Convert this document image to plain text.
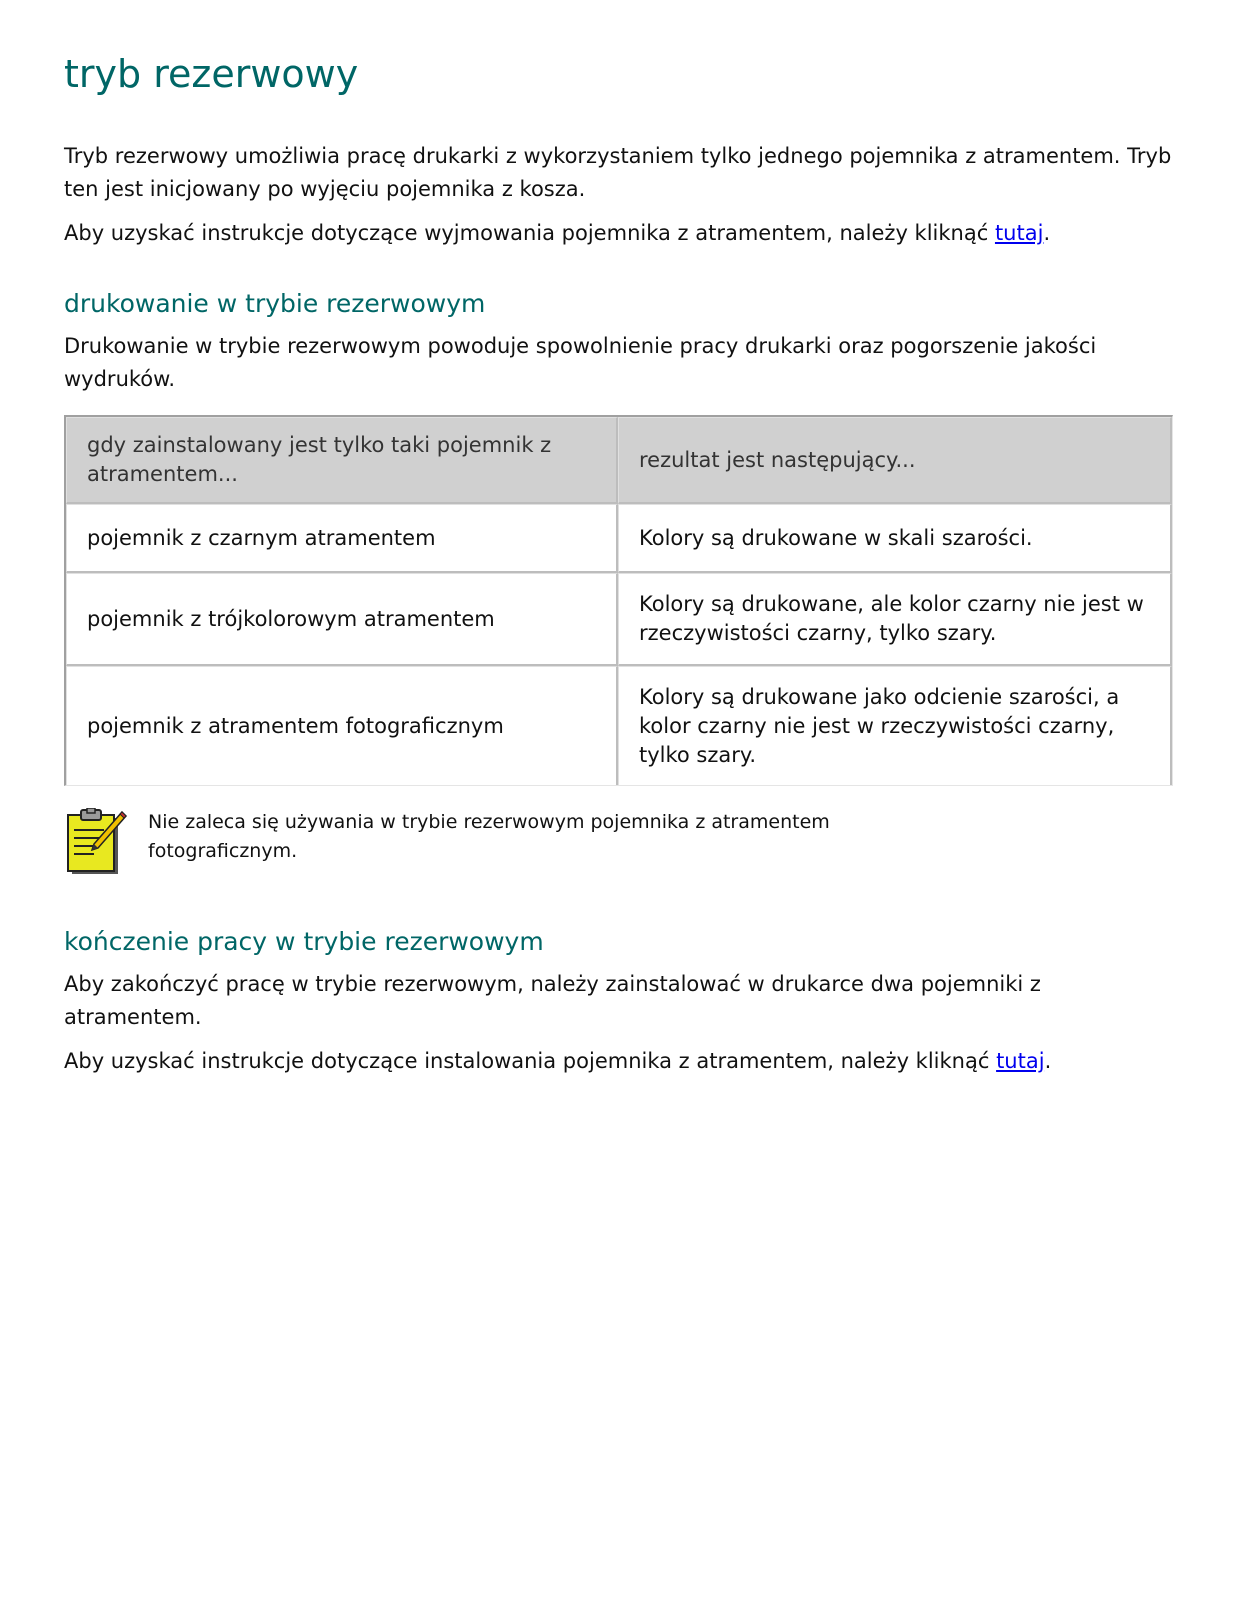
tryb rezerwowy

Tryb rezerwowy umożliwia pracę drukarki z wykorzystaniem tylko jednego pojemnika z atramentem. Tryb ten jest inicjowany po wyjęciu pojemnika z kosza.

Aby uzyskać instrukcje dotyczące wyjmowania pojemnika z atramentem, należy kliknąć tutaj.

drukowanie w trybie rezerwowym

Drukowanie w trybie rezerwowym powoduje spowolnienie pracy drukarki oraz pogorszenie jakości wydruków.

gdy zainstalowany jest tylko taki pojemnik z atramentem...	rezultat jest następujący...
pojemnik z czarnym atramentem	Kolory są drukowane w skali szarości.
pojemnik z trójkolorowym atramentem	Kolory są drukowane, ale kolor czarny nie jest w rzeczywistości czarny, tylko szary.
pojemnik z atramentem fotograficznym	Kolory są drukowane jako odcienie szarości, a kolor czarny nie jest w rzeczywistości czarny, tylko szary.
Nie zaleca się używania w trybie rezerwowym pojemnika z atramentem fotograficznym.
kończenie pracy w trybie rezerwowym

Aby zakończyć pracę w trybie rezerwowym, należy zainstalować w drukarce dwa pojemniki z atramentem.

Aby uzyskać instrukcje dotyczące instalowania pojemnika z atramentem, należy kliknąć tutaj.
